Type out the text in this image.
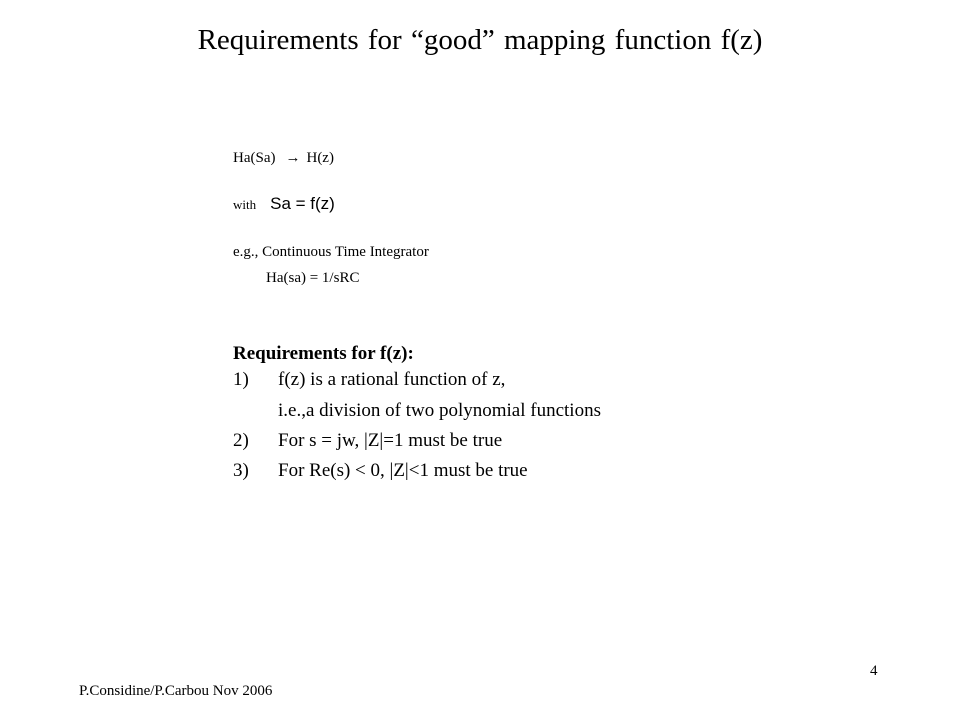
Requirements for “good” mapping function f(z)
Ha(Sa) → H(z)
with Sa = f(z)
e.g., Continuous Time Integrator
Ha(sa) = 1/sRC
Requirements for f(z):
1) f(z) is a rational function of z,
i.e.,a division of two polynomial functions
2) For s = jw, |Z|=1 must be true
3) For Re(s) < 0, |Z|<1 must be true
P.Considine/P.Carbou Nov 2006
4
